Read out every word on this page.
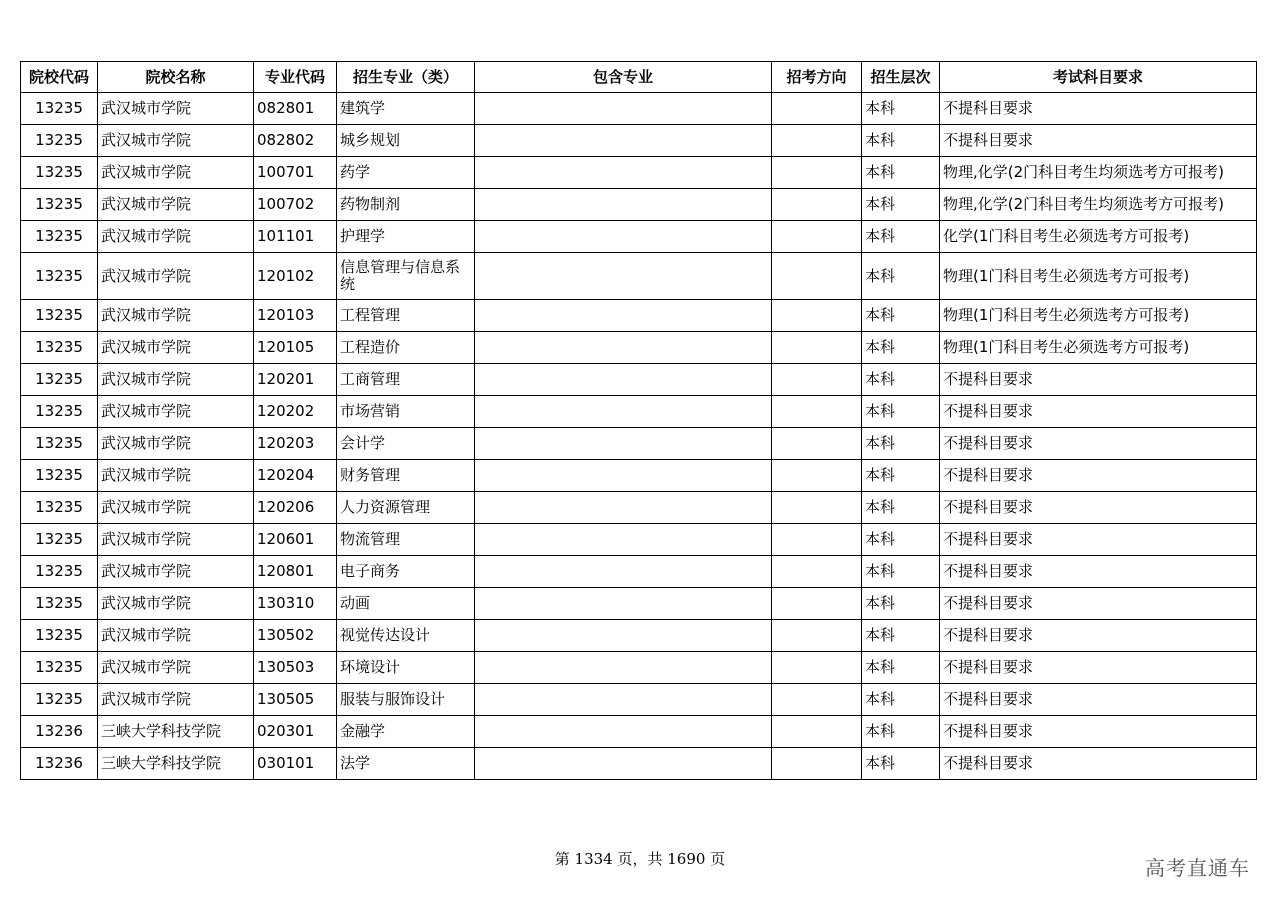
院校代码	院校名称	专业代码	招生专业（类）	包含专业	招考方向	招生层次	考试科目要求
13235	武汉城市学院	082801	建筑学			本科	不提科目要求
13235	武汉城市学院	082802	城乡规划			本科	不提科目要求
13235	武汉城市学院	100701	药学			本科	物理,化学(2门科目考生均须选考方可报考)
13235	武汉城市学院	100702	药物制剂			本科	物理,化学(2门科目考生均须选考方可报考)
13235	武汉城市学院	101101	护理学			本科	化学(1门科目考生必须选考方可报考)
13235	武汉城市学院	120102	信息管理与信息系统			本科	物理(1门科目考生必须选考方可报考)
13235	武汉城市学院	120103	工程管理			本科	物理(1门科目考生必须选考方可报考)
13235	武汉城市学院	120105	工程造价			本科	物理(1门科目考生必须选考方可报考)
13235	武汉城市学院	120201	工商管理			本科	不提科目要求
13235	武汉城市学院	120202	市场营销			本科	不提科目要求
13235	武汉城市学院	120203	会计学			本科	不提科目要求
13235	武汉城市学院	120204	财务管理			本科	不提科目要求
13235	武汉城市学院	120206	人力资源管理			本科	不提科目要求
13235	武汉城市学院	120601	物流管理			本科	不提科目要求
13235	武汉城市学院	120801	电子商务			本科	不提科目要求
13235	武汉城市学院	130310	动画			本科	不提科目要求
13235	武汉城市学院	130502	视觉传达设计			本科	不提科目要求
13235	武汉城市学院	130503	环境设计			本科	不提科目要求
13235	武汉城市学院	130505	服装与服饰设计			本科	不提科目要求
13236	三峡大学科技学院	020301	金融学			本科	不提科目要求
13236	三峡大学科技学院	030101	法学			本科	不提科目要求
第 1334 页，共 1690 页	高考直通车
